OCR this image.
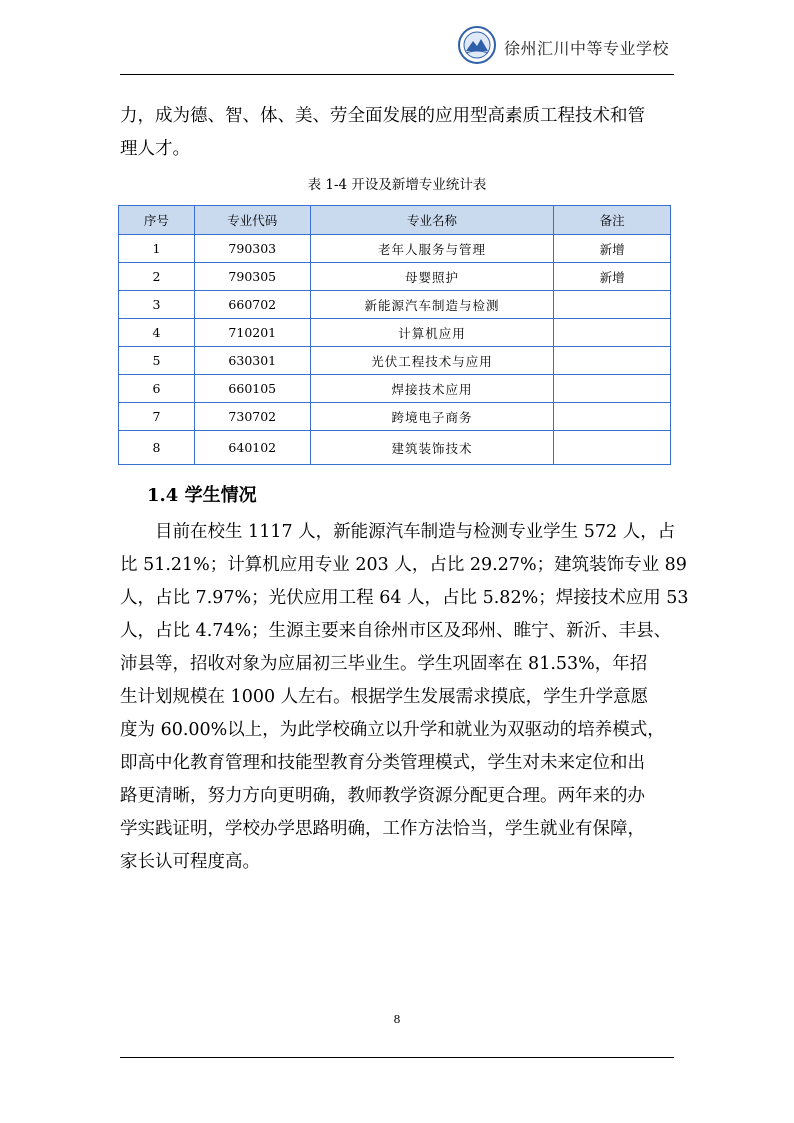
徐州汇川中等专业学校
力，成为德、智、体、美、劳全面发展的应用型高素质工程技术和管
理人才。
表 1-4 开设及新增专业统计表
序号	专业代码	专业名称	备注
1	790303	老年人服务与管理	新增
2	790305	母婴照护	新增
3	660702	新能源汽车制造与检测	
4	710201	计算机应用	
5	630301	光伏工程技术与应用	
6	660105	焊接技术应用	
7	730702	跨境电子商务	
8	640102	建筑装饰技术	
1.4 学生情况
目前在校生 1117 人，新能源汽车制造与检测专业学生 572 人，占
比 51.21%；计算机应用专业 203 人，占比 29.27%；建筑装饰专业 89
人，占比 7.97%；光伏应用工程 64 人，占比 5.82%；焊接技术应用 53
人，占比 4.74%；生源主要来自徐州市区及邳州、睢宁、新沂、丰县、
沛县等，招收对象为应届初三毕业生。学生巩固率在 81.53%，年招
生计划规模在 1000 人左右。根据学生发展需求摸底，学生升学意愿
度为 60.00%以上，为此学校确立以升学和就业为双驱动的培养模式，
即高中化教育管理和技能型教育分类管理模式，学生对未来定位和出
路更清晰，努力方向更明确，教师教学资源分配更合理。两年来的办
学实践证明，学校办学思路明确，工作方法恰当，学生就业有保障，
家长认可程度高。
8
